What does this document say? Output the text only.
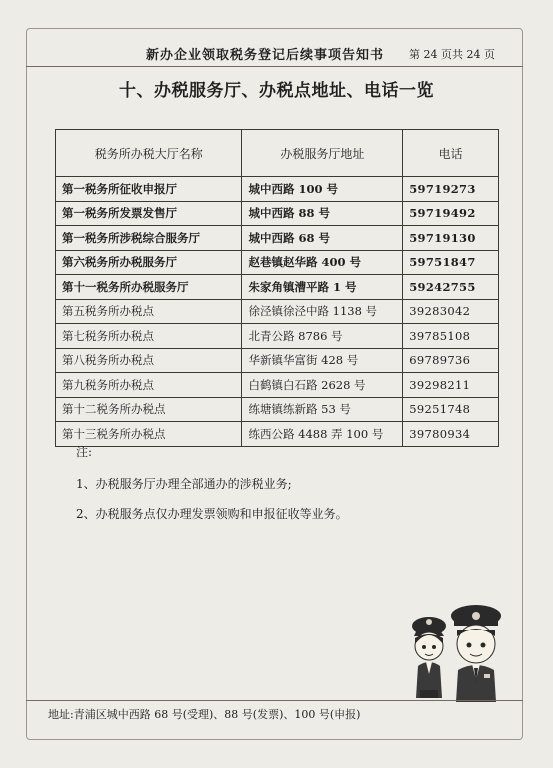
新办企业领取税务登记后续事项告知书 第 24 页共 24 页
十、办税服务厅、办税点地址、电话一览
税务所办税大厅名称	办税服务厅地址	电话
第一税务所征收申报厅	城中西路 100 号	59719273
第一税务所发票发售厅	城中西路 88 号	59719492
第一税务所涉税综合服务厅	城中西路 68 号	59719130
第六税务所办税服务厅	赵巷镇赵华路 400 号	59751847
第十一税务所办税服务厅	朱家角镇漕平路 1 号	59242755
第五税务所办税点	徐泾镇徐泾中路 1138 号	39283042
第七税务所办税点	北青公路 8786 号	39785108
第八税务所办税点	华新镇华富街 428 号	69789736
第九税务所办税点	白鹤镇白石路 2628 号	39298211
第十二税务所办税点	练塘镇练新路 53 号	59251748
第十三税务所办税点	练西公路 4488 弄 100 号	39780934
注:
1、办税服务厅办理全部通办的涉税业务;
2、办税服务点仅办理发票领购和申报征收等业务。
地址:青浦区城中西路 68 号(受理)、88 号(发票)、100 号(申报)
